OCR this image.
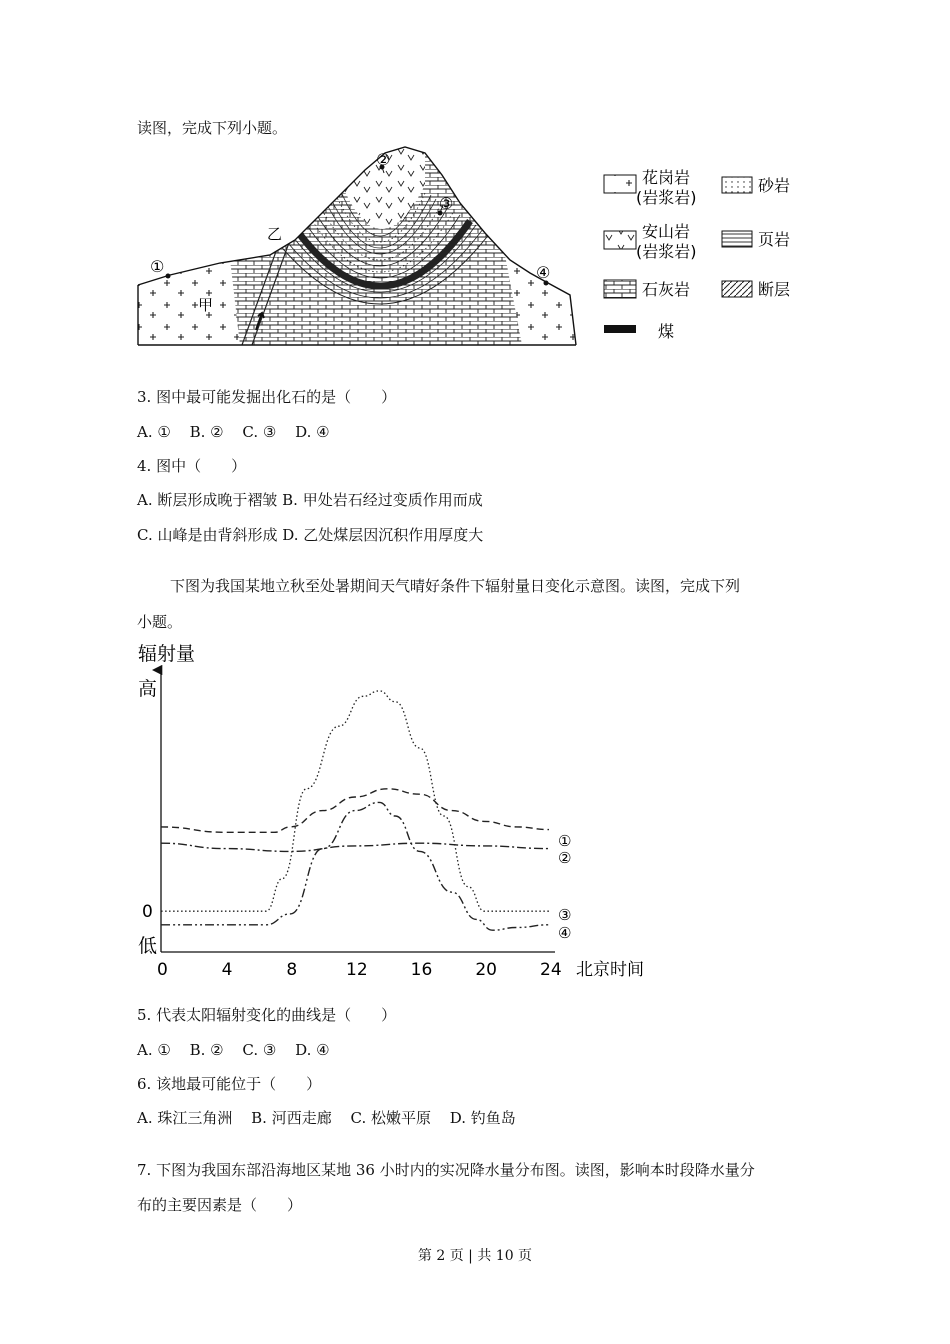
读图，完成下列小题。
①
②
③
④
甲
乙
花岗岩
(岩浆岩)
砂岩
安山岩
(岩浆岩)
页岩
石灰岩	断层
煤
3. 图中最可能发掘出化石的是（　　）
A. ① B. ② C. ③ D. ④
4. 图中（　　）
A. 断层形成晚于褶皱 B. 甲处岩石经过变质作用而成
C. 山峰是由背斜形成 D. 乙处煤层因沉积作用厚度大
下图为我国某地立秋至处暑期间天气晴好条件下辐射量日变化示意图。读图，完成下列
小题。
辐射量
高
0
低
0	4	8	12	16	20	24 北京时间
①
②
③
④
5. 代表太阳辐射变化的曲线是（　　）
A. ① B. ② C. ③ D. ④
6. 该地最可能位于（　　）
A. 珠江三角洲 B. 河西走廊 C. 松嫩平原 D. 钓鱼岛
7. 下图为我国东部沿海地区某地 36 小时内的实况降水量分布图。读图，影响本时段降水量分
布的主要因素是（　　）
第 2 页 | 共 10 页
